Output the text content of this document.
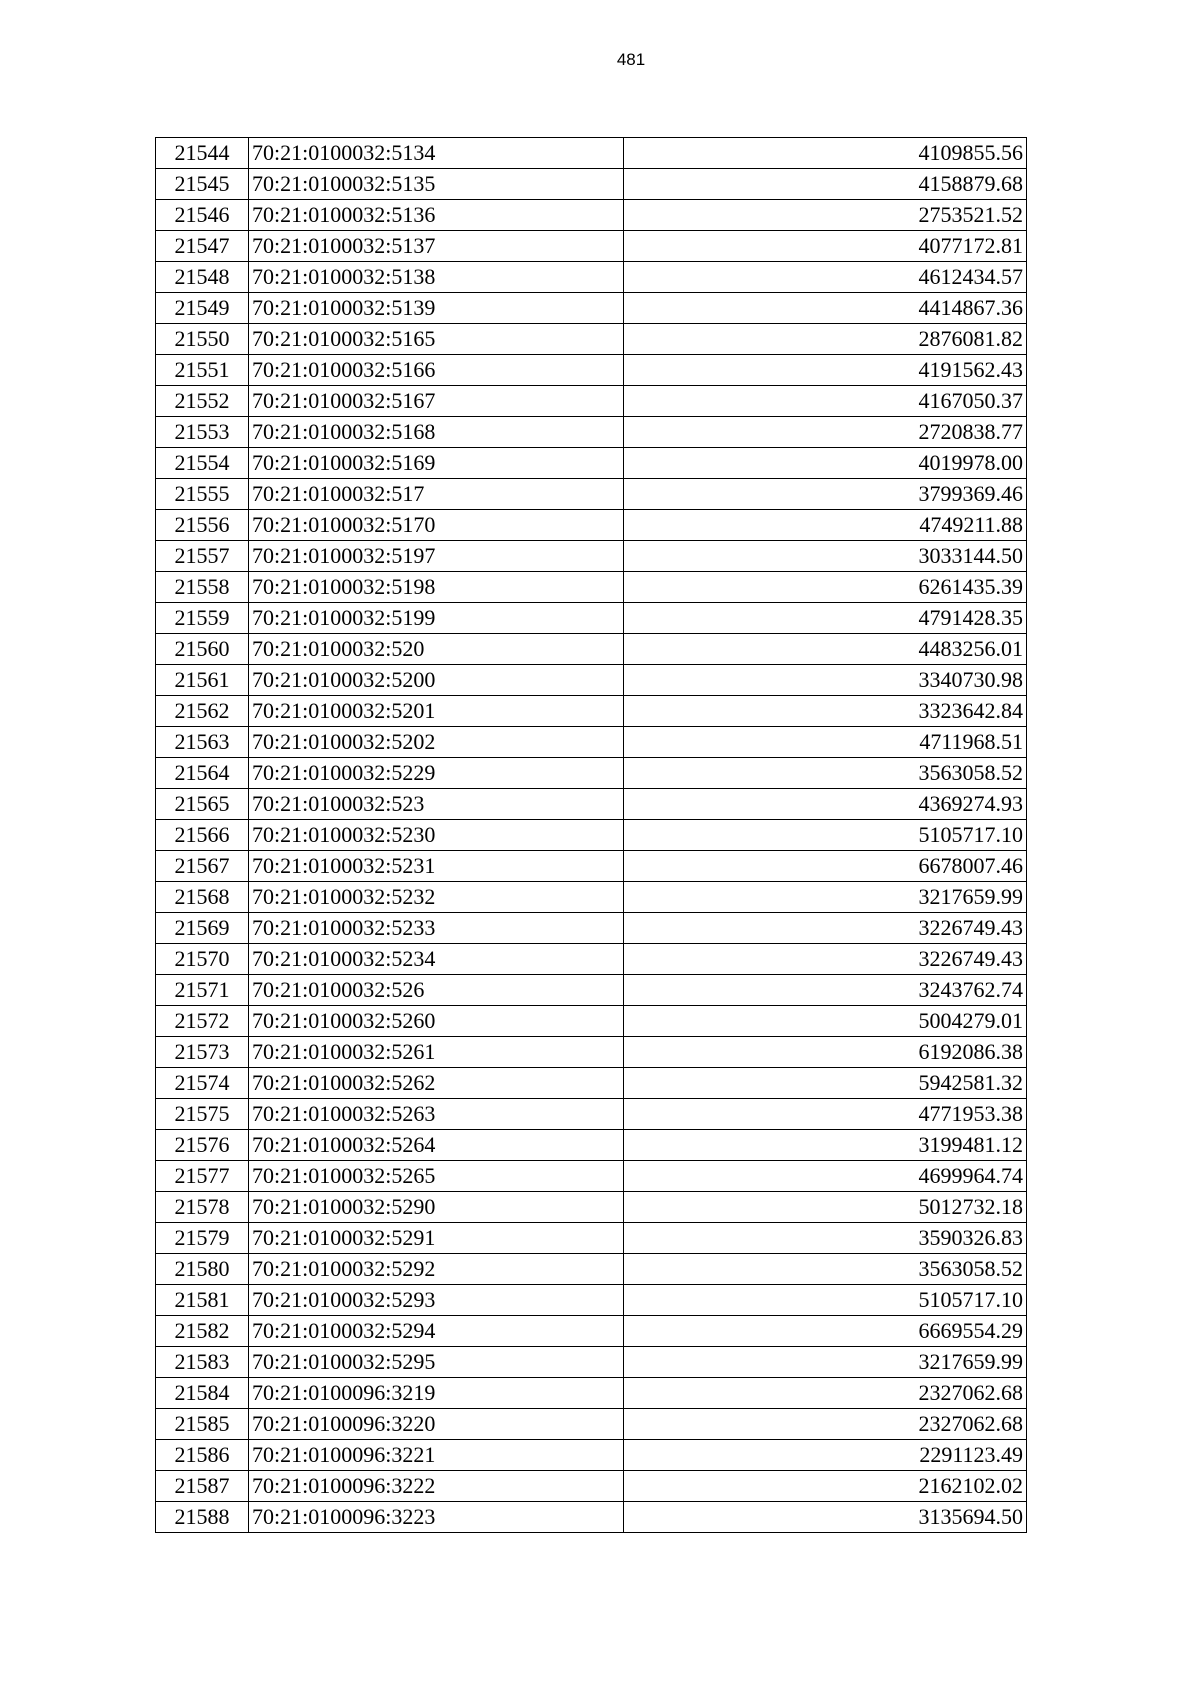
481
21544	70:21:0100032:5134	4109855.56
21545	70:21:0100032:5135	4158879.68
21546	70:21:0100032:5136	2753521.52
21547	70:21:0100032:5137	4077172.81
21548	70:21:0100032:5138	4612434.57
21549	70:21:0100032:5139	4414867.36
21550	70:21:0100032:5165	2876081.82
21551	70:21:0100032:5166	4191562.43
21552	70:21:0100032:5167	4167050.37
21553	70:21:0100032:5168	2720838.77
21554	70:21:0100032:5169	4019978.00
21555	70:21:0100032:517	3799369.46
21556	70:21:0100032:5170	4749211.88
21557	70:21:0100032:5197	3033144.50
21558	70:21:0100032:5198	6261435.39
21559	70:21:0100032:5199	4791428.35
21560	70:21:0100032:520	4483256.01
21561	70:21:0100032:5200	3340730.98
21562	70:21:0100032:5201	3323642.84
21563	70:21:0100032:5202	4711968.51
21564	70:21:0100032:5229	3563058.52
21565	70:21:0100032:523	4369274.93
21566	70:21:0100032:5230	5105717.10
21567	70:21:0100032:5231	6678007.46
21568	70:21:0100032:5232	3217659.99
21569	70:21:0100032:5233	3226749.43
21570	70:21:0100032:5234	3226749.43
21571	70:21:0100032:526	3243762.74
21572	70:21:0100032:5260	5004279.01
21573	70:21:0100032:5261	6192086.38
21574	70:21:0100032:5262	5942581.32
21575	70:21:0100032:5263	4771953.38
21576	70:21:0100032:5264	3199481.12
21577	70:21:0100032:5265	4699964.74
21578	70:21:0100032:5290	5012732.18
21579	70:21:0100032:5291	3590326.83
21580	70:21:0100032:5292	3563058.52
21581	70:21:0100032:5293	5105717.10
21582	70:21:0100032:5294	6669554.29
21583	70:21:0100032:5295	3217659.99
21584	70:21:0100096:3219	2327062.68
21585	70:21:0100096:3220	2327062.68
21586	70:21:0100096:3221	2291123.49
21587	70:21:0100096:3222	2162102.02
21588	70:21:0100096:3223	3135694.50
